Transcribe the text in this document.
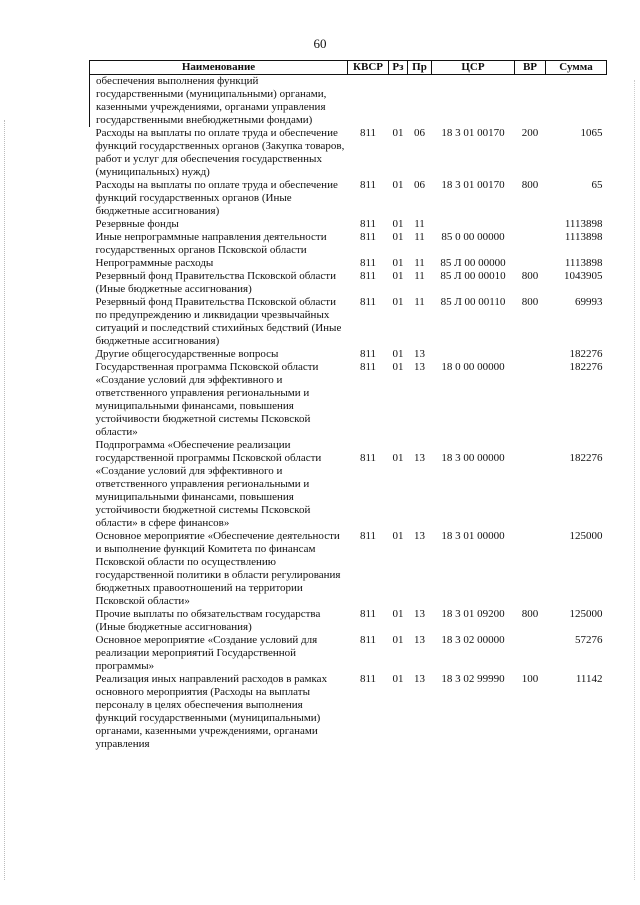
60
Наименование	КВСР	Рз	Пр	ЦСР	ВР	Сумма
обеспечения выполнения функций государственными (муниципальными) органами, казенными учреждениями, органами управления государственными внебюджетными фондами)						
Расходы на выплаты по оплате труда и обеспечение функций государственных органов (Закупка товаров, работ и услуг для обеспечения государственных (муниципальных) нужд)	811	01	06	18 3 01 00170	200	1065
Расходы на выплаты по оплате труда и обеспечение функций государственных органов (Иные бюджетные ассигнования)	811	01	06	18 3 01 00170	800	65
Резервные фонды	811	01	11			1113898
Иные непрограммные направления деятельности государственных органов Псковской области	811	01	11	85 0 00 00000		1113898
Непрограммные расходы	811	01	11	85 Л 00 00000		1113898
Резервный фонд Правительства Псковской области (Иные бюджетные ассигнования)	811	01	11	85 Л 00 00010	800	1043905
Резервный фонд Правительства Псковской области по предупреждению и ликвидации чрезвычайных ситуаций и последствий стихийных бедствий (Иные бюджетные ассигнования)	811	01	11	85 Л 00 00110	800	69993
Другие общегосударственные вопросы	811	01	13			182276
Государственная программа Псковской области «Создание условий для эффективного и ответственного управления региональными и муниципальными финансами, повышения устойчивости бюджетной системы Псковской области»	811	01	13	18 0 00 00000		182276
Подпрограмма «Обеспечение реализации государственной программы Псковской области «Создание условий для эффективного и ответственного управления региональными и муниципальными финансами, повышения устойчивости бюджетной системы Псковской области» в сфере финансов»	811	01	13	18 3 00 00000		182276
Основное мероприятие «Обеспечение деятельности и выполнение функций Комитета по финансам Псковской области по осуществлению государственной политики в области регулирования бюджетных правоотношений на территории Псковской области»	811	01	13	18 3 01 00000		125000
Прочие выплаты по обязательствам государства (Иные бюджетные ассигнования)	811	01	13	18 3 01 09200	800	125000
Основное мероприятие «Создание условий для реализации мероприятий Государственной программы»	811	01	13	18 3 02 00000		57276
Реализация иных направлений расходов в рамках основного мероприятия (Расходы на выплаты персоналу в целях обеспечения выполнения функций государственными (муниципальными) органами, казенными учреждениями, органами управления	811	01	13	18 3 02 99990	100	11142
